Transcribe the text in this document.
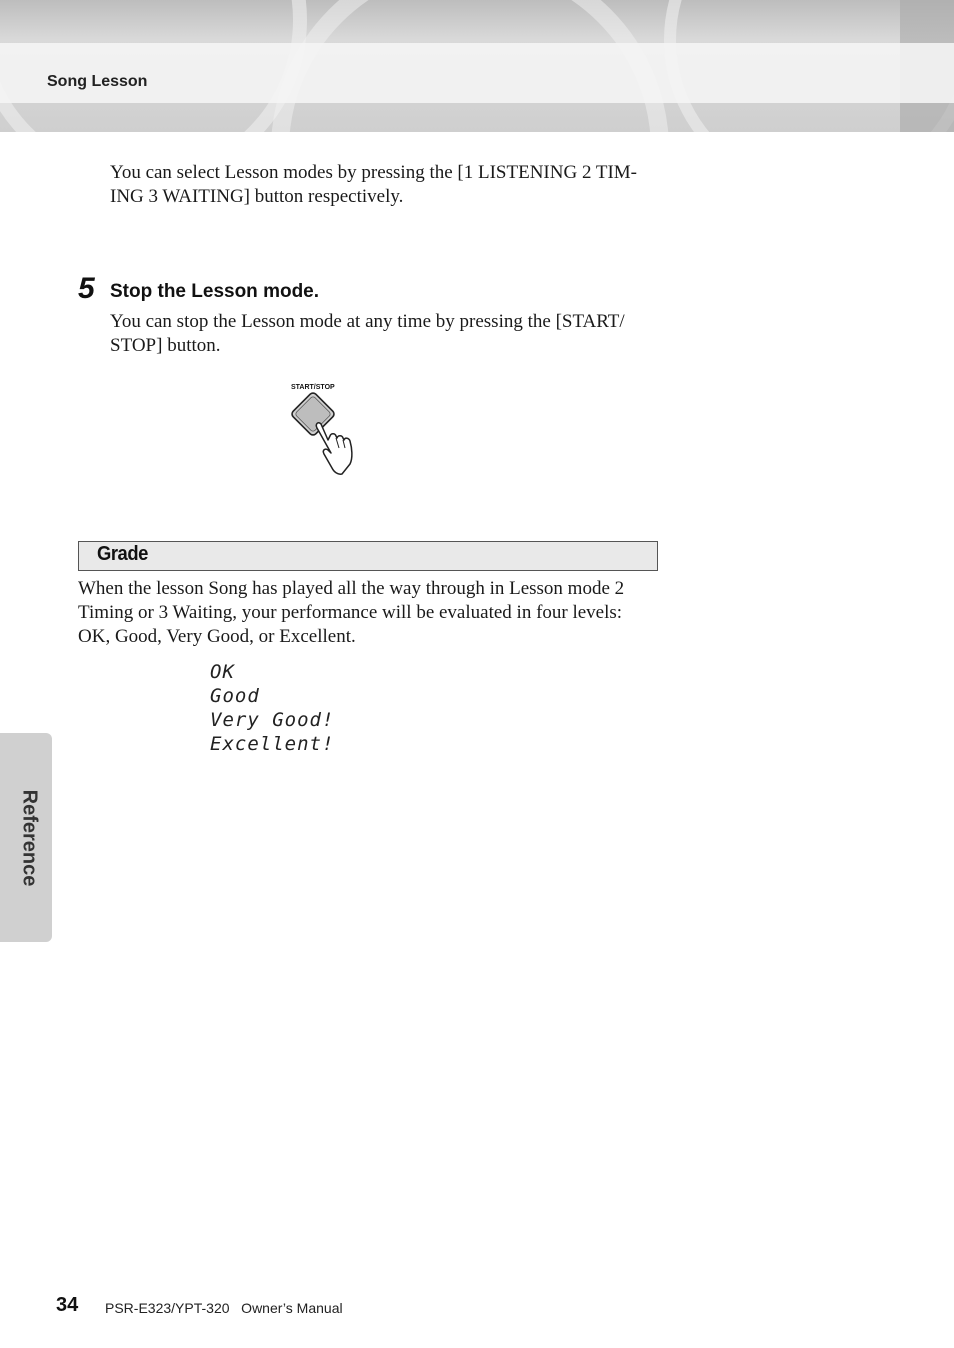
Song Lesson
You can select Lesson modes by pressing the [1 LISTENING 2 TIM-
ING 3 WAITING] button respectively.
5 Stop the Lesson mode.
You can stop the Lesson mode at any time by pressing the [START/
STOP] button.
START/STOP
Grade
When the lesson Song has played all the way through in Lesson mode 2
Timing or 3 Waiting, your performance will be evaluated in four levels:
OK, Good, Very Good, or Excellent.
OK
Good
Very Good!
Excellent!
Reference
34 PSR-E323/YPT-320   Owner’s Manual
